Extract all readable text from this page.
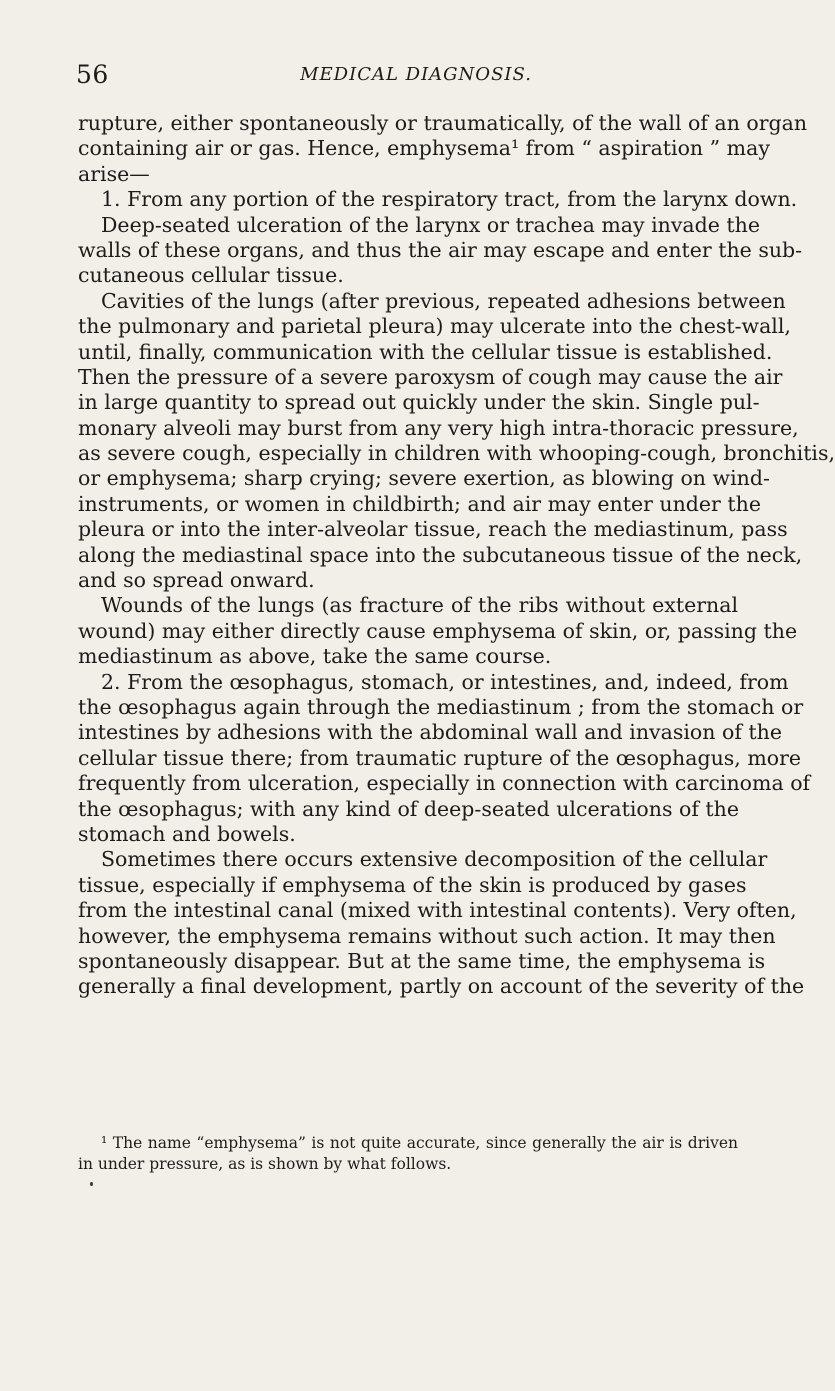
56	MEDICAL DIAGNOSIS.
rupture, either spontaneously or traumatically, of the wall of an organ
containing air or gas. Hence, emphysema¹ from “ aspiration ” may
arise—
1. From any portion of the respiratory tract, from the larynx down.
Deep-seated ulceration of the larynx or trachea may invade the
walls of these organs, and thus the air may escape and enter the sub-
cutaneous cellular tissue.
Cavities of the lungs (after previous, repeated adhesions between
the pulmonary and parietal pleura) may ulcerate into the chest-wall,
until, finally, communication with the cellular tissue is established.
Then the pressure of a severe paroxysm of cough may cause the air
in large quantity to spread out quickly under the skin. Single pul-
monary alveoli may burst from any very high intra-thoracic pressure,
as severe cough, especially in children with whooping-cough, bronchitis,
or emphysema; sharp crying; severe exertion, as blowing on wind-
instruments, or women in childbirth; and air may enter under the
pleura or into the inter-alveolar tissue, reach the mediastinum, pass
along the mediastinal space into the subcutaneous tissue of the neck,
and so spread onward.
Wounds of the lungs (as fracture of the ribs without external
wound) may either directly cause emphysema of skin, or, passing the
mediastinum as above, take the same course.
2. From the œsophagus, stomach, or intestines, and, indeed, from
the œsophagus again through the mediastinum ; from the stomach or
intestines by adhesions with the abdominal wall and invasion of the
cellular tissue there; from traumatic rupture of the œsophagus, more
frequently from ulceration, especially in connection with carcinoma of
the œsophagus; with any kind of deep-seated ulcerations of the
stomach and bowels.
Sometimes there occurs extensive decomposition of the cellular
tissue, especially if emphysema of the skin is produced by gases
from the intestinal canal (mixed with intestinal contents). Very often,
however, the emphysema remains without such action. It may then
spontaneously disappear. But at the same time, the emphysema is
generally a final development, partly on account of the severity of the
¹ The name “emphysema” is not quite accurate, since generally the air is driven
in under pressure, as is shown by what follows.
